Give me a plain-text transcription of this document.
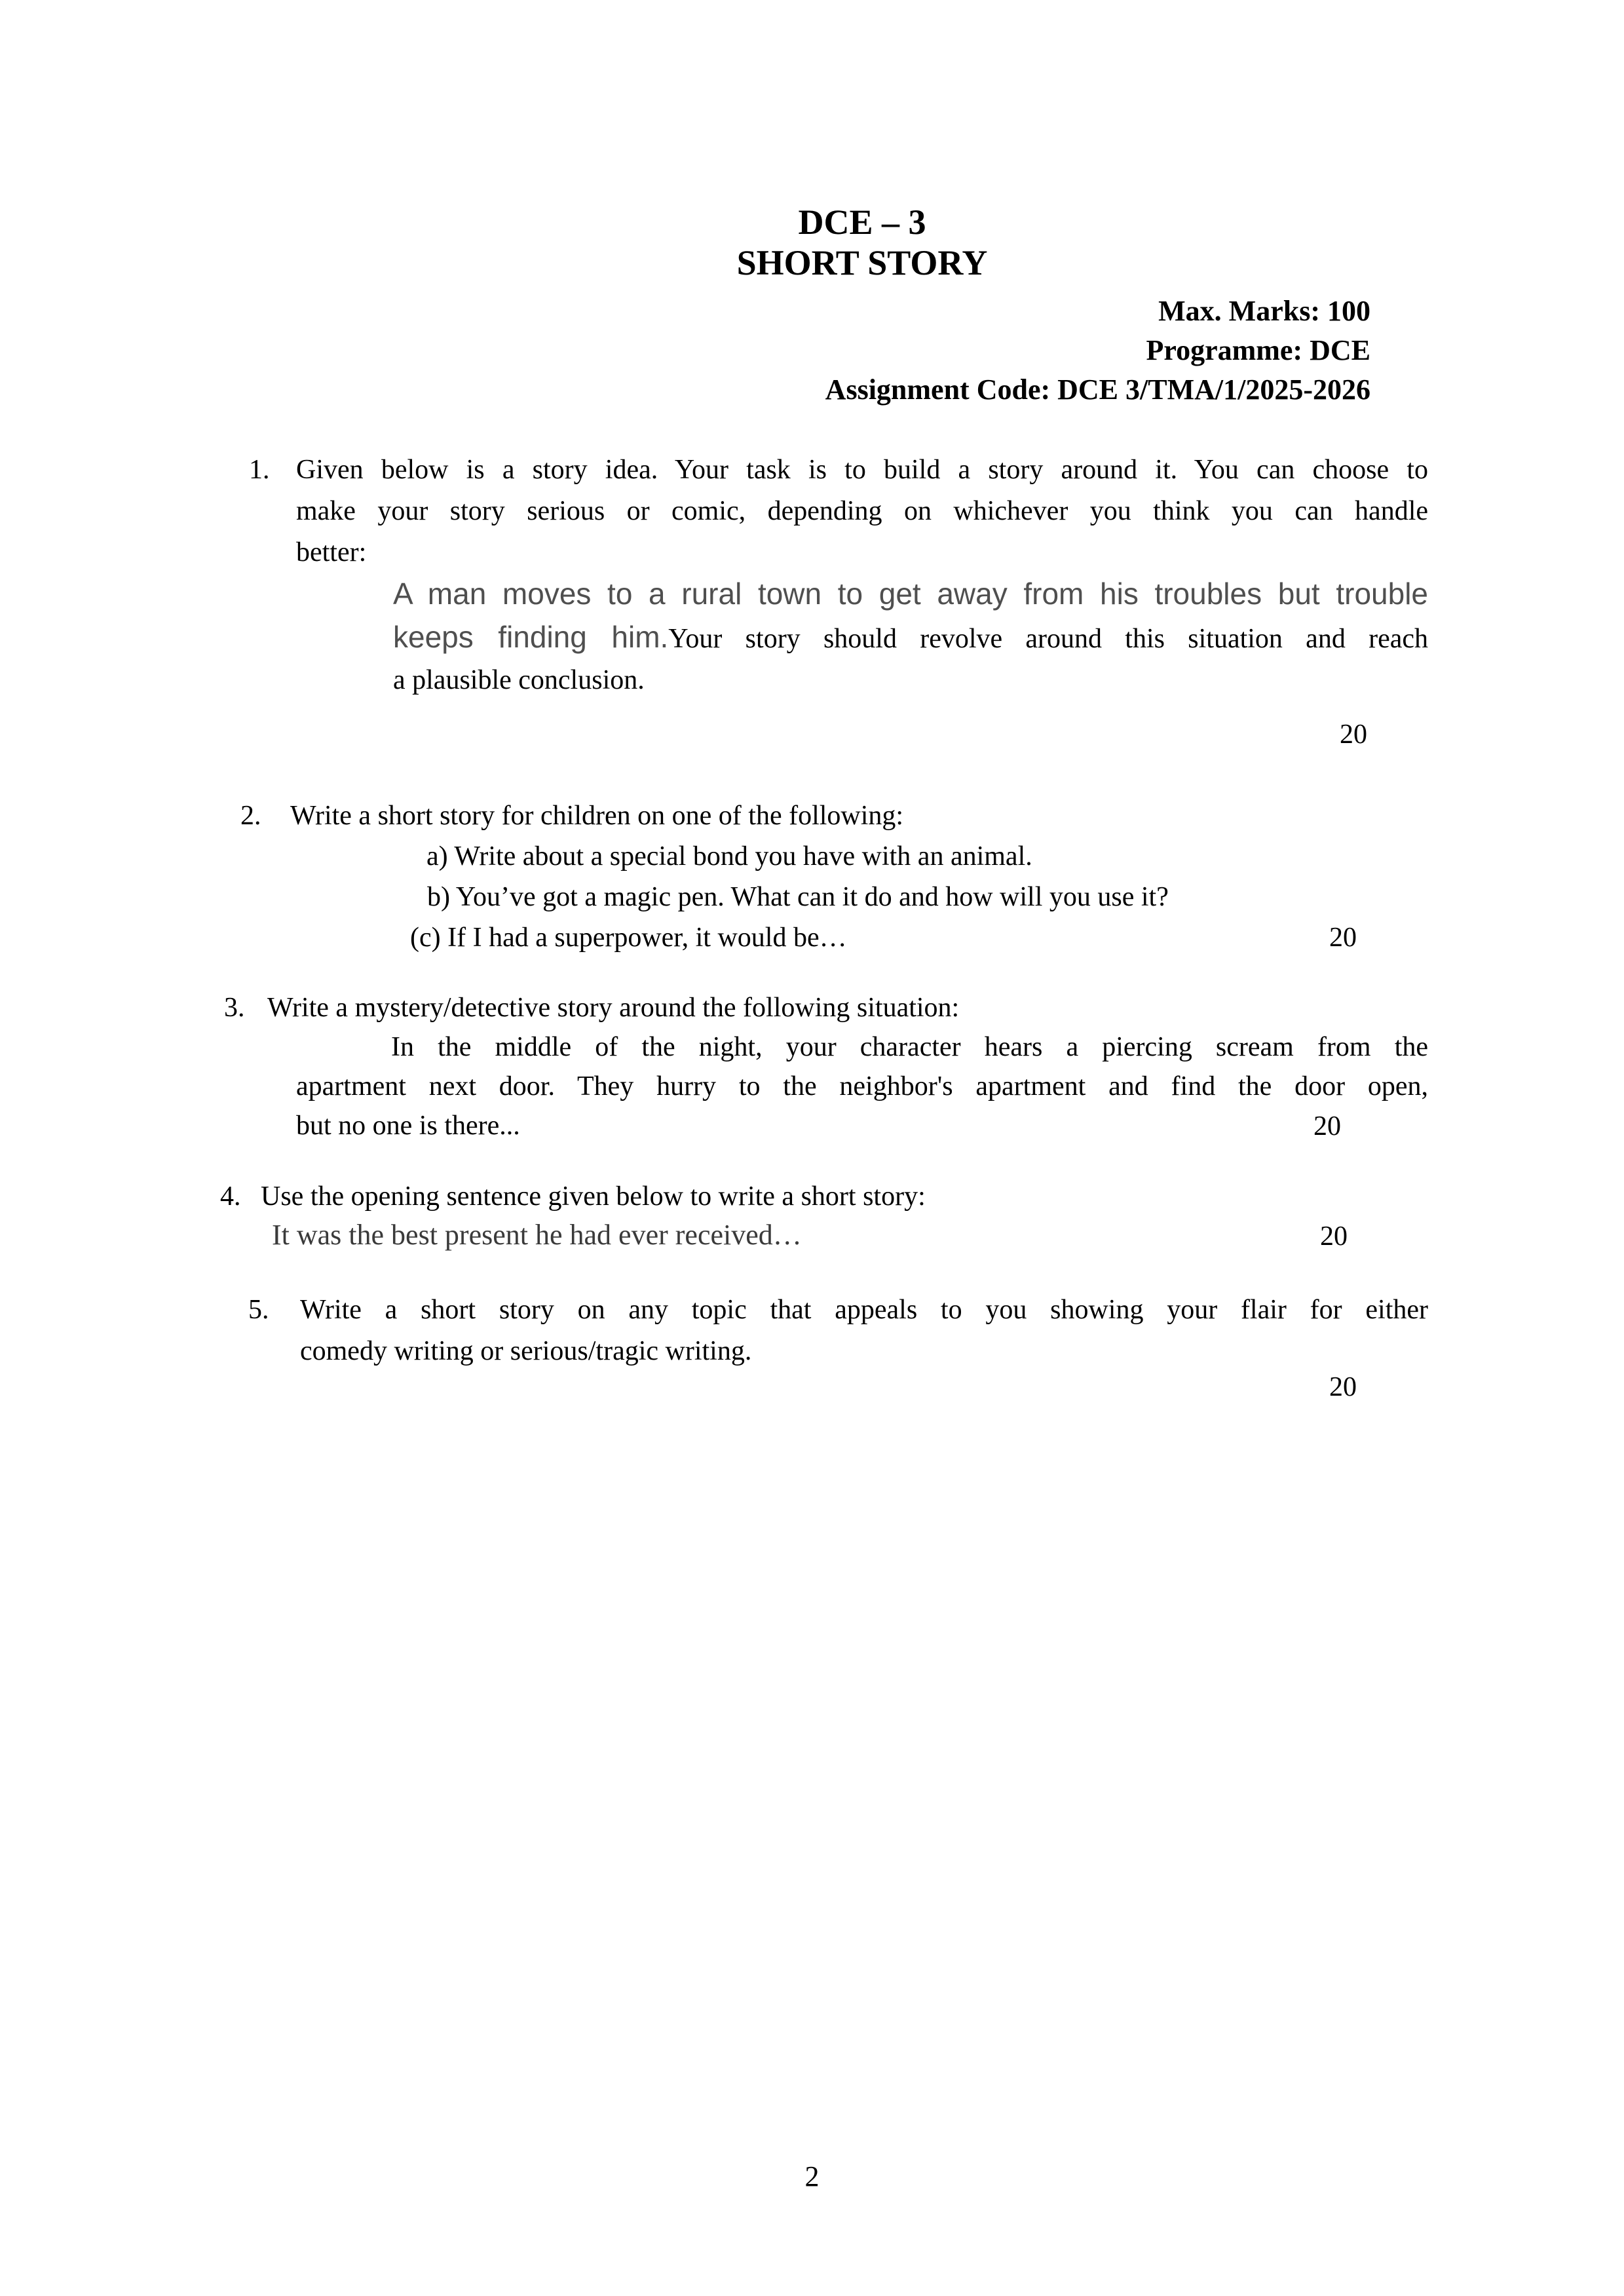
DCE – 3
SHORT STORY
Max. Marks: 100
Programme: DCE
Assignment Code: DCE 3/TMA/1/2025-2026
1. Given below is a story idea. Your task is to build a story around it. You can choose to
make your story serious or comic, depending on whichever you think you can handle
better:
A man moves to a rural town to get away from his troubles but trouble
keeps finding him.Your story should revolve around this situation and reach
a plausible conclusion.
20
2. Write a short story for children on one of the following:
a) Write about a special bond you have with an animal.
b) You’ve got a magic pen. What can it do and how will you use it?
(c) If I had a superpower, it would be…	20
3. Write a mystery/detective story around the following situation:
In the middle of the night, your character hears a piercing scream from the
apartment next door. They hurry to the neighbor's apartment and find the door open,
but no one is there...	20
4. Use the opening sentence given below to write a short story:
It was the best present he had ever received…	20
5. Write a short story on any topic that appeals to you showing your flair for either
comedy writing or serious/tragic writing.
20
2
